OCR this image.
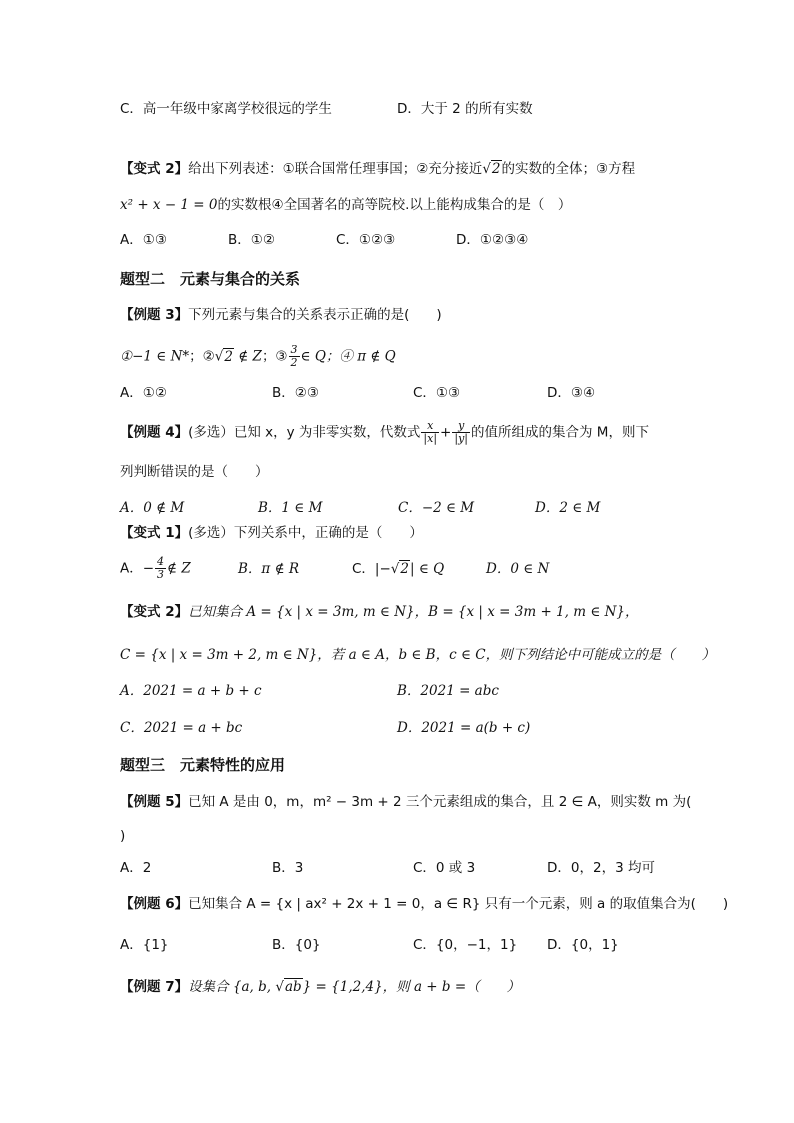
C．高一年级中家离学校很远的学生	D．大于 2 的所有实数
【变式 2】给出下列表述：①联合国常任理事国；②充分接近√2的实数的全体；③方程
x² + x − 1 = 0的实数根④全国著名的高等院校.以上能构成集合的是（　）
A．①③	B．①②	C．①②③	D．①②③④
题型二　元素与集合的关系
【例题 3】下列元素与集合的关系表示正确的是(　　)
①−1 ∈ N*；②√2 ∉ Z；③ $\frac{3}{2}$ ∈ Q；④ π ∉ Q
A．①②	B．②③	C．①③	D．③④
【例题 4】(多选）已知 x，y 为非零实数，代数式 $\frac{x}{|x|} + \frac{y}{|y|}$ 的值所组成的集合为 M，则下
列判断错误的是（　　）
A．0 ∉ M	B．1 ∈ M	C．−2 ∈ M	D．2 ∈ M
【变式 1】(多选）下列关系中，正确的是（　　）
A．− $\frac{4}{3}$ ∉ Z	B．π ∉ R	C．|−√2| ∈ Q	D．0 ∈ N
【变式 2】已知集合 A = {x | x = 3m, m ∈ N}，B = {x | x = 3m + 1, m ∈ N}，
C = {x | x = 3m + 2, m ∈ N}，若 a ∈ A，b ∈ B，c ∈ C，则下列结论中可能成立的是（　　）
A．2021 = a + b + c	B．2021 = abc
C．2021 = a + bc	D．2021 = a(b + c)
题型三　元素特性的应用
【例题 5】已知 A 是由 0，m，m² − 3m + 2 三个元素组成的集合，且 2 ∈ A，则实数 m 为(
)
A．2	B．3	C．0 或 3	D．0，2，3 均可
【例题 6】已知集合 A = {x | ax² + 2x + 1 = 0，a ∈ R} 只有一个元素，则 a 的取值集合为(　　)
A．{1}	B．{0}	C．{0，−1，1} D．{0，1}
【例题 7】设集合 {a, b, √ab} = {1,2,4}，则 a + b =（　　）
